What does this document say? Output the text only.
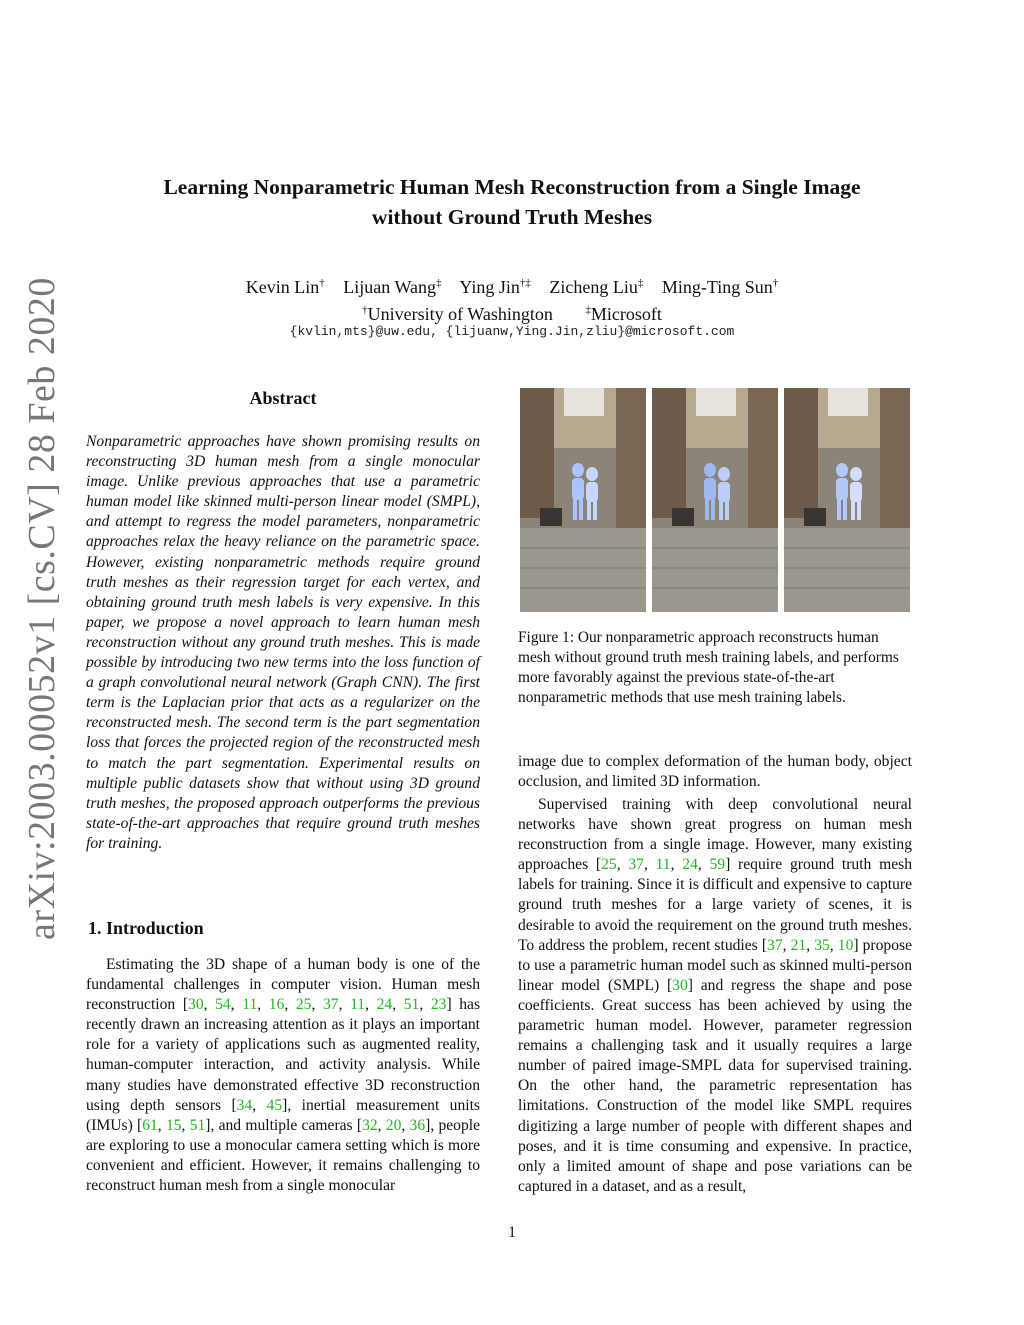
arXiv:2003.00052v1 [cs.CV] 28 Feb 2020
Learning Nonparametric Human Mesh Reconstruction from a Single Image
without Ground Truth Meshes
Kevin Lin† Lijuan Wang‡ Ying Jin†‡ Zicheng Liu‡ Ming-Ting Sun†
†University of Washington	‡Microsoft
{kvlin,mts}@uw.edu, {lijuanw,Ying.Jin,zliu}@microsoft.com
Abstract
Nonparametric approaches have shown promising results on reconstructing 3D human mesh from a single monocular image. Unlike previous approaches that use a parametric human model like skinned multi-person linear model (SMPL), and attempt to regress the model parameters, nonparametric approaches relax the heavy reliance on the parametric space. However, existing nonparametric methods require ground truth meshes as their regression target for each vertex, and obtaining ground truth mesh labels is very expensive. In this paper, we propose a novel approach to learn human mesh reconstruction without any ground truth meshes. This is made possible by introducing two new terms into the loss function of a graph convolutional neural network (Graph CNN). The first term is the Laplacian prior that acts as a regularizer on the reconstructed mesh. The second term is the part segmentation loss that forces the projected region of the reconstructed mesh to match the part segmentation. Experimental results on multiple public datasets show that without using 3D ground truth meshes, the proposed approach outperforms the previous state-of-the-art approaches that require ground truth meshes for training.
1. Introduction
Estimating the 3D shape of a human body is one of the fundamental challenges in computer vision. Human mesh reconstruction [30, 54, 11, 16, 25, 37, 11, 24, 51, 23] has recently drawn an increasing attention as it plays an important role for a variety of applications such as augmented reality, human-computer interaction, and activity analysis. While many studies have demonstrated effective 3D reconstruction using depth sensors [34, 45], inertial measurement units (IMUs) [61, 15, 51], and multiple cameras [32, 20, 36], people are exploring to use a monocular camera setting which is more convenient and efficient. However, it remains challenging to reconstruct human mesh from a single monocular
Figure 1: Our nonparametric approach reconstructs human mesh without ground truth mesh training labels, and performs more favorably against the previous state-of-the-art nonparametric methods that use mesh training labels.
image due to complex deformation of the human body, object occlusion, and limited 3D information.
Supervised training with deep convolutional neural networks have shown great progress on human mesh reconstruction from a single image. However, many existing approaches [25, 37, 11, 24, 59] require ground truth mesh labels for training. Since it is difficult and expensive to capture ground truth meshes for a large variety of scenes, it is desirable to avoid the requirement on the ground truth meshes. To address the problem, recent studies [37, 21, 35, 10] propose to use a parametric human model such as skinned multi-person linear model (SMPL) [30] and regress the shape and pose coefficients. Great success has been achieved by using the parametric human model. However, parameter regression remains a challenging task and it usually requires a large number of paired image-SMPL data for supervised training. On the other hand, the parametric representation has limitations. Construction of the model like SMPL requires digitizing a large number of people with different shapes and poses, and it is time consuming and expensive. In practice, only a limited amount of shape and pose variations can be captured in a dataset, and as a result,
1
